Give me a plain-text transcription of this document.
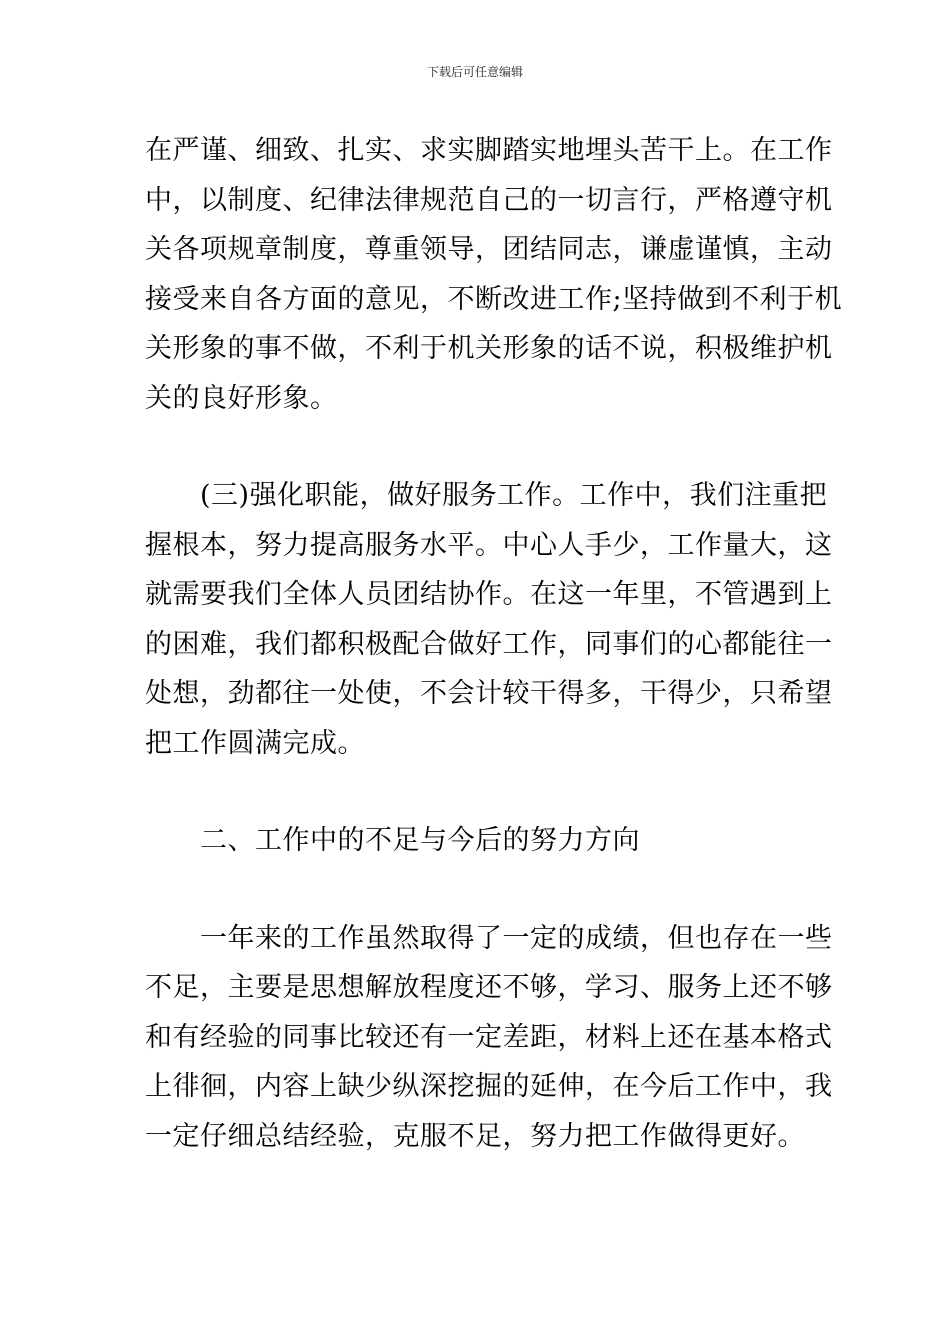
下载后可任意编辑

在严谨、细致、扎实、求实脚踏实地埋头苦干上。在工作
中，以制度、纪律法律规范自己的一切言行，严格遵守机
关各项规章制度，尊重领导，团结同志，谦虚谨慎，主动
接受来自各方面的意见，不断改进工作;坚持做到不利于机
关形象的事不做，不利于机关形象的话不说，积极维护机
关的良好形象。

(三)强化职能，做好服务工作。工作中，我们注重把
握根本，努力提高服务水平。中心人手少，工作量大，这
就需要我们全体人员团结协作。在这一年里，不管遇到上
的困难，我们都积极配合做好工作，同事们的心都能往一
处想，劲都往一处使，不会计较干得多，干得少，只希望
把工作圆满完成。

二、工作中的不足与今后的努力方向

一年来的工作虽然取得了一定的成绩，但也存在一些
不足，主要是思想解放程度还不够，学习、服务上还不够
和有经验的同事比较还有一定差距，材料上还在基本格式
上徘徊，内容上缺少纵深挖掘的延伸，在今后工作中，我
一定仔细总结经验，克服不足，努力把工作做得更好。
